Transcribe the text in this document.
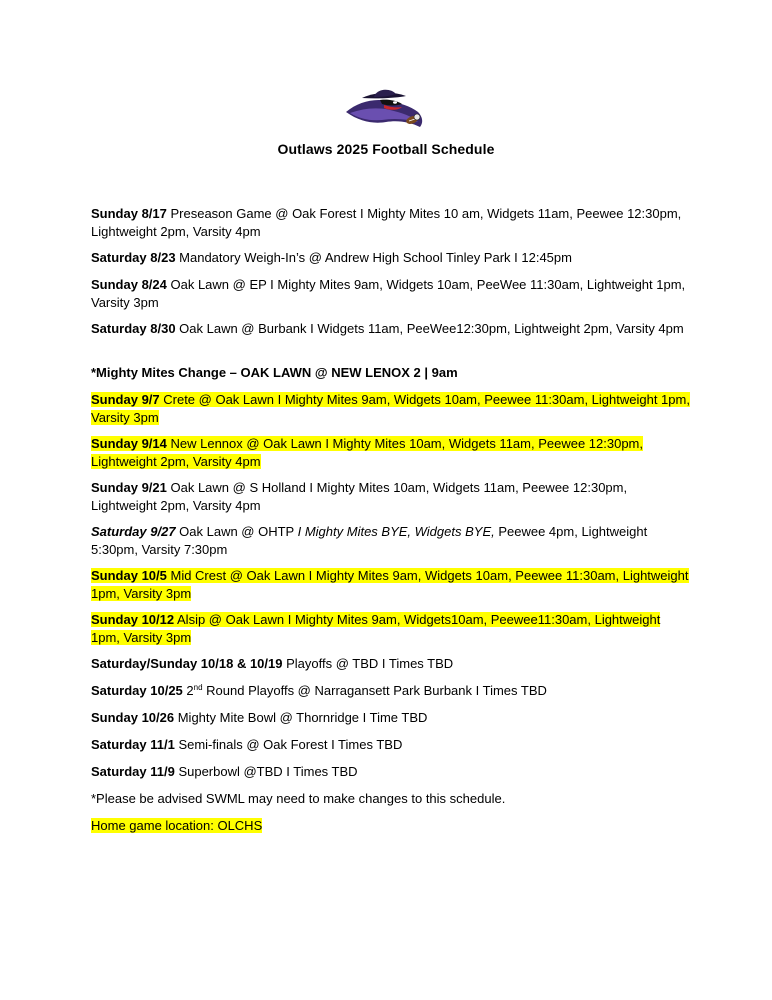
Outlaws 2025 Football Schedule
Sunday 8/17 Preseason Game @ Oak Forest I Mighty Mites 10 am, Widgets 11am, Peewee 12:30pm, Lightweight 2pm, Varsity 4pm
Saturday 8/23 Mandatory Weigh-In’s @ Andrew High School Tinley Park I 12:45pm
Sunday 8/24 Oak Lawn @ EP I Mighty Mites 9am, Widgets 10am, PeeWee 11:30am, Lightweight 1pm, Varsity 3pm
Saturday 8/30 Oak Lawn @ Burbank I Widgets 11am, PeeWee12:30pm, Lightweight 2pm, Varsity 4pm
*Mighty Mites Change – OAK LAWN @ NEW LENOX 2 | 9am
Sunday 9/7 Crete @ Oak Lawn I Mighty Mites 9am, Widgets 10am, Peewee 11:30am, Lightweight 1pm, Varsity 3pm
Sunday 9/14 New Lennox @ Oak Lawn I Mighty Mites 10am, Widgets 11am, Peewee 12:30pm, Lightweight 2pm, Varsity 4pm
Sunday 9/21 Oak Lawn @ S Holland I Mighty Mites 10am, Widgets 11am, Peewee 12:30pm, Lightweight 2pm, Varsity 4pm
Saturday 9/27 Oak Lawn @ OHTP I Mighty Mites BYE, Widgets BYE, Peewee 4pm, Lightweight 5:30pm, Varsity 7:30pm
Sunday 10/5 Mid Crest @ Oak Lawn I Mighty Mites 9am, Widgets 10am, Peewee 11:30am, Lightweight 1pm, Varsity 3pm
Sunday 10/12 Alsip @ Oak Lawn I Mighty Mites 9am, Widgets10am, Peewee11:30am, Lightweight 1pm, Varsity 3pm
Saturday/Sunday 10/18 & 10/19 Playoffs @ TBD I Times TBD
Saturday 10/25 2nd Round Playoffs @ Narragansett Park Burbank I Times TBD
Sunday 10/26 Mighty Mite Bowl @ Thornridge I Time TBD
Saturday 11/1 Semi-finals @ Oak Forest I Times TBD
Saturday 11/9 Superbowl @TBD I Times TBD
*Please be advised SWML may need to make changes to this schedule.
Home game location: OLCHS
